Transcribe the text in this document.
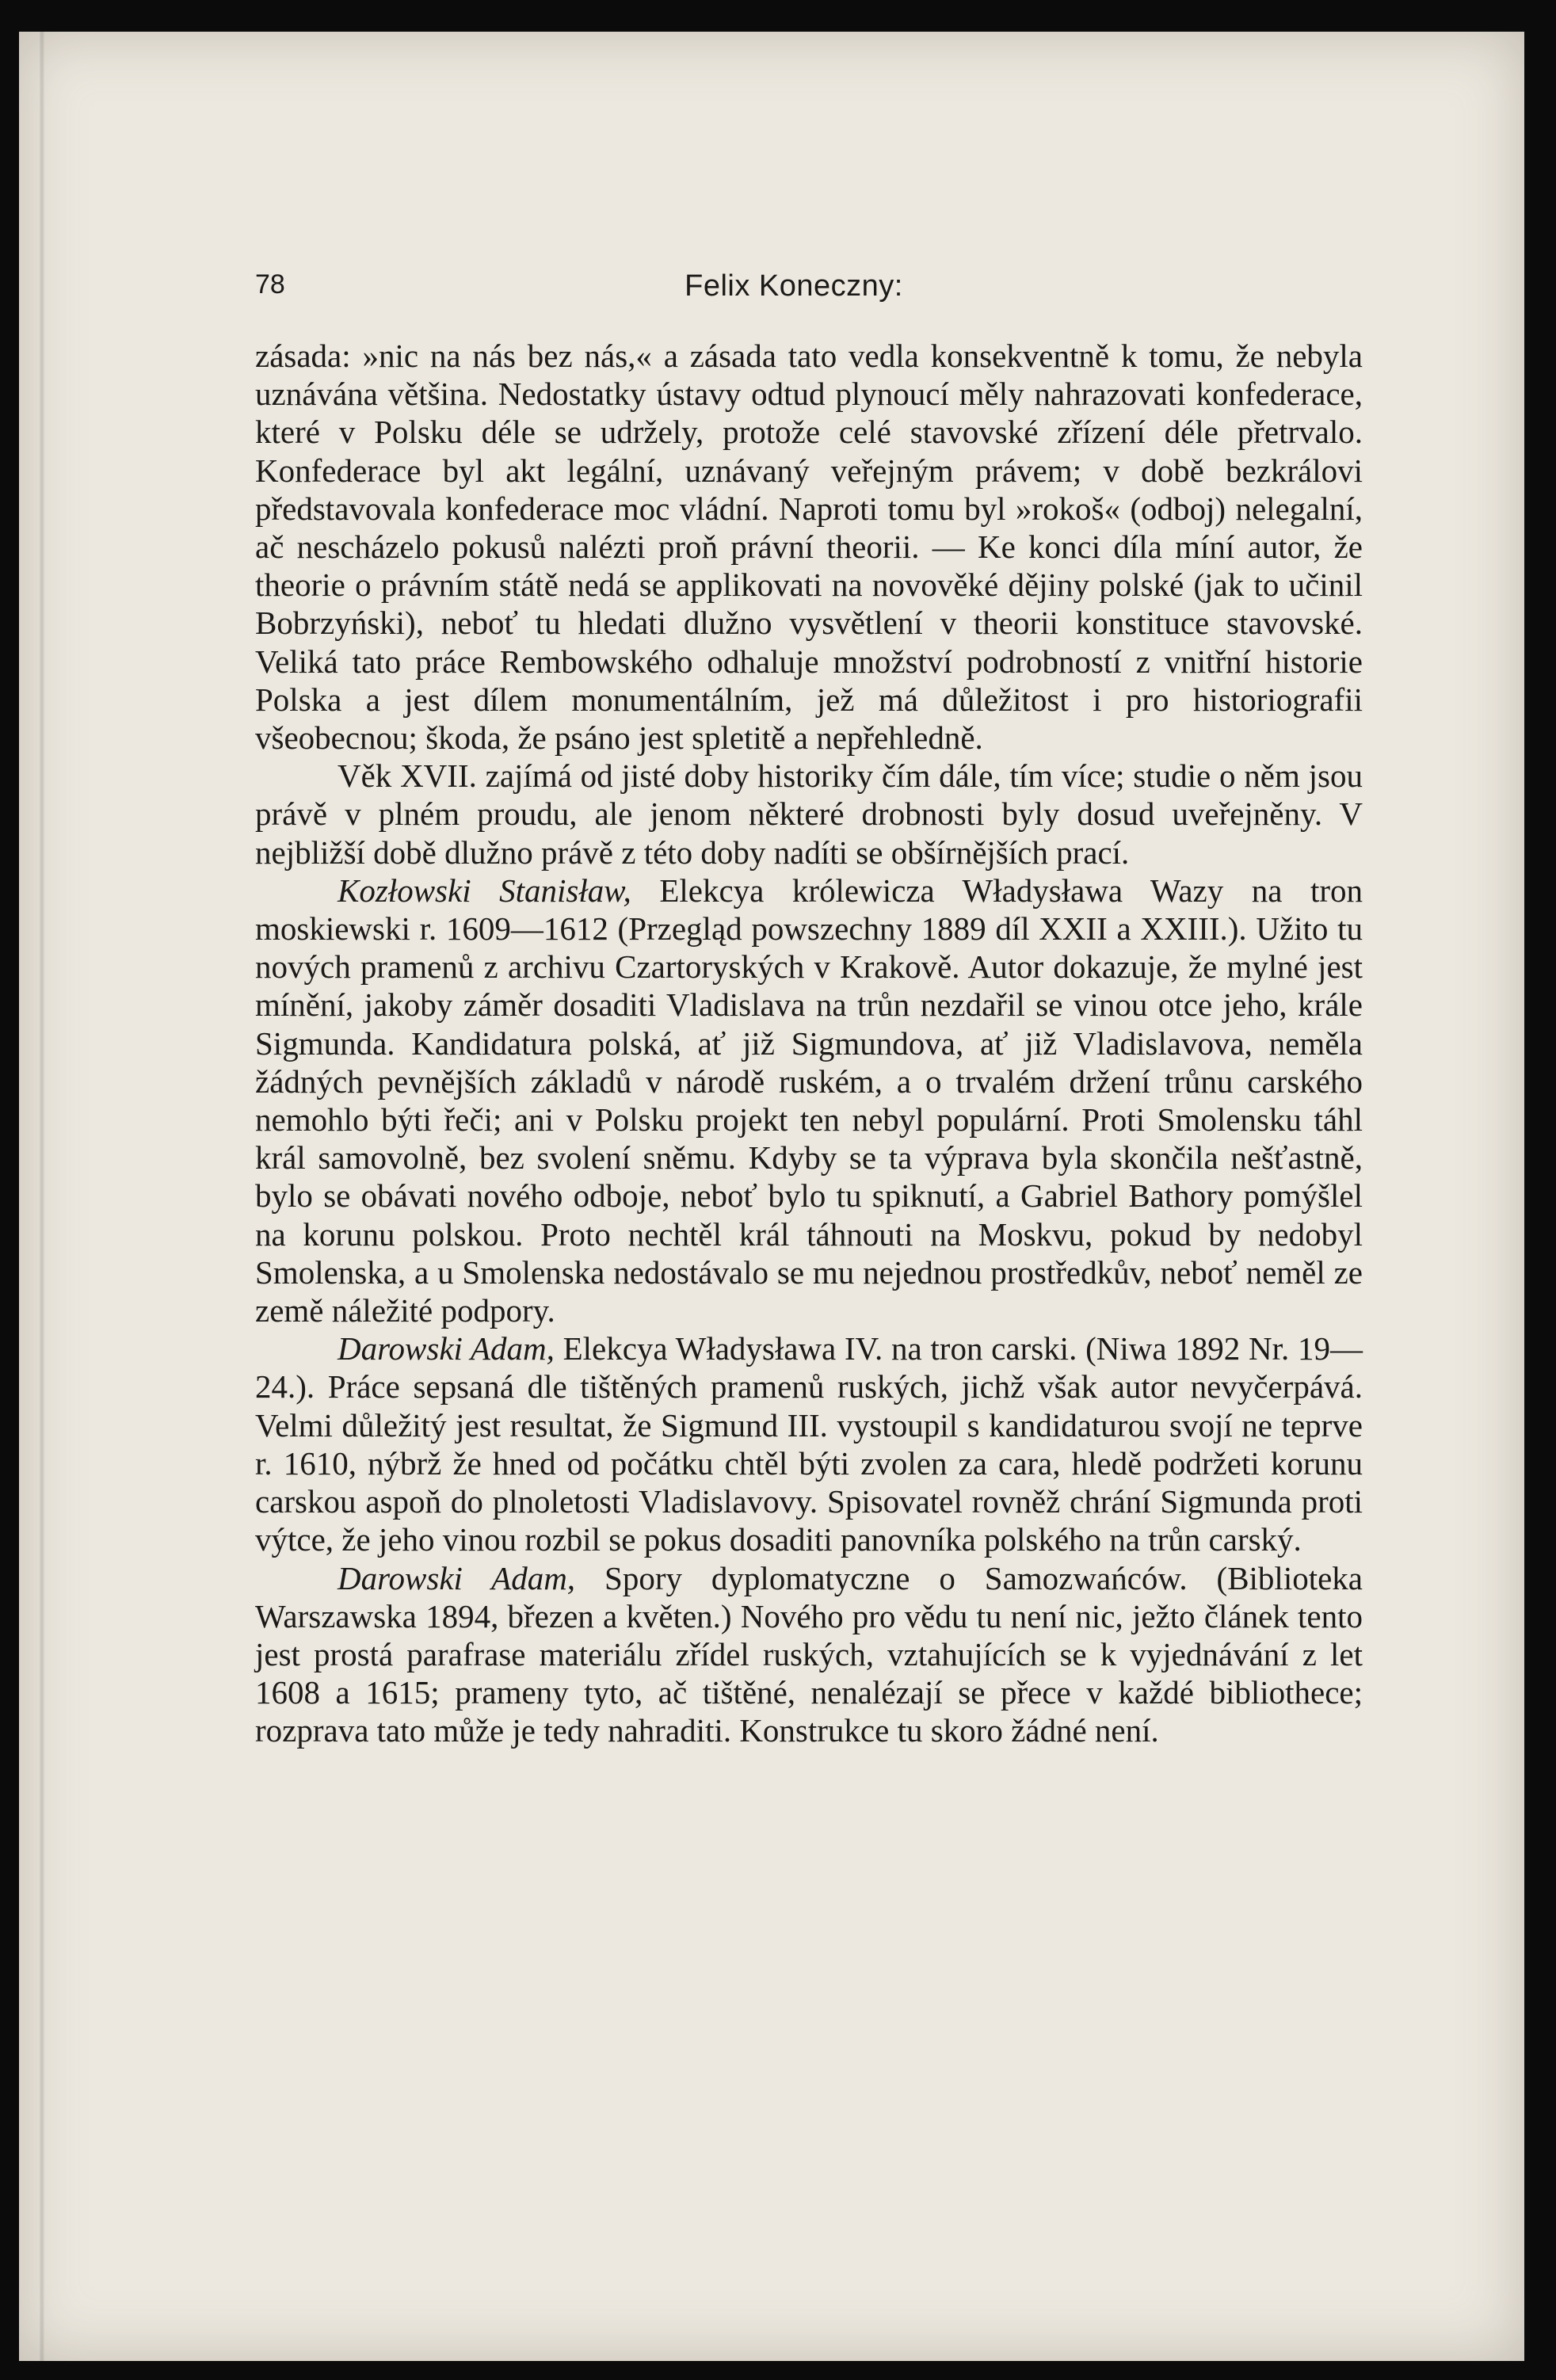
78	Felix Koneczny:

zásada: »nic na nás bez nás,« a zásada tato vedla konsekventně k tomu, že nebyla uznávána většina. Nedostatky ústavy odtud plynoucí měly nahrazovati konfederace, které v Polsku déle se udržely, protože celé stavovské zřízení déle přetrvalo. Konfederace byl akt legální, uznávaný veřejným právem; v době bezkrálovi představovala konfederace moc vládní. Naproti tomu byl »rokoš« (odboj) nelegalní, ač nescházelo pokusů nalézti proň právní theorii. — Ke konci díla míní autor, že theorie o právním státě nedá se applikovati na novověké dějiny polské (jak to učinil Bobrzyński), neboť tu hledati dlužno vysvětlení v theorii konstituce stavovské. Veliká tato práce Rembowského odhaluje množství podrobností z vnitřní historie Polska a jest dílem monumentálním, jež má důležitost i pro historiografii všeobecnou; škoda, že psáno jest spletitě a nepřehledně.

Věk XVII. zajímá od jisté doby historiky čím dále, tím více; studie o něm jsou právě v plném proudu, ale jenom některé drobnosti byly dosud uveřejněny. V nejbližší době dlužno právě z této doby nadíti se obšírnějších prací.

Kozłowski Stanisław, Elekcya królewicza Władysława Wazy na tron moskiewski r. 1609—1612 (Przegląd powszechny 1889 díl XXII a XXIII.). Užito tu nových pramenů z archivu Czartoryských v Krakově. Autor dokazuje, že mylné jest mínění, jakoby záměr dosaditi Vladislava na trůn nezdařil se vinou otce jeho, krále Sigmunda. Kandidatura polská, ať již Sigmundova, ať již Vladislavova, neměla žádných pevnějších základů v národě ruském, a o trvalém držení trůnu carského nemohlo býti řeči; ani v Polsku projekt ten nebyl populární. Proti Smolensku táhl král samovolně, bez svolení sněmu. Kdyby se ta výprava byla skončila nešťastně, bylo se obávati nového odboje, neboť bylo tu spiknutí, a Gabriel Bathory pomýšlel na korunu polskou. Proto nechtěl král táhnouti na Moskvu, pokud by nedobyl Smolenska, a u Smolenska nedostávalo se mu nejednou prostředkův, neboť neměl ze země náležité podpory.

Darowski Adam, Elekcya Władysława IV. na tron carski. (Niwa 1892 Nr. 19—24.). Práce sepsaná dle tištěných pramenů ruských, jichž však autor nevyčerpává. Velmi důležitý jest resultat, že Sigmund III. vystoupil s kandidaturou svojí ne teprve r. 1610, nýbrž že hned od počátku chtěl býti zvolen za cara, hledě podržeti korunu carskou aspoň do plnoletosti Vladislavovy. Spisovatel rovněž chrání Sigmunda proti výtce, že jeho vinou rozbil se pokus dosaditi panovníka polského na trůn carský.

Darowski Adam, Spory dyplomatyczne o Samozwańców. (Biblioteka Warszawska 1894, březen a květen.) Nového pro vědu tu není nic, ježto článek tento jest prostá parafrase materiálu zřídel ruských, vztahujících se k vyjednávání z let 1608 a 1615; prameny tyto, ač tištěné, nenalézají se přece v každé bibliothece; rozprava tato může je tedy nahraditi. Konstrukce tu skoro žádné není.
